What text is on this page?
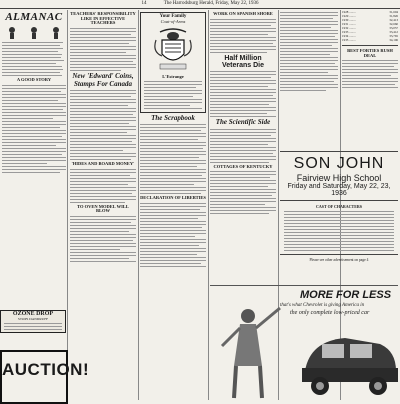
14	The Harrodsburg Herald, Friday, May 22, 1936
ALMANAC
A GOOD STORY
OZONE DROP
STOPS DANDRUFF
AUCTION!
TEACHERS' RESPONSIBILITY LIKE IN EFFECTIVE TEACHERS
New 'Edward' Coins, Stamps For Canada
'HIDES AND BOARD MONEY'
TO OVEN MODEL WILL BLOW
Your Family
Coat-of-Arms
L'Estrange
The Scrapbook
DECLARATION OF LIBERTIES
WORK ON SPANISH SHORE
Half Million Veterans Die
The Scientific Side
COTTAGES OF KENTUCKY
1928 ........	31,604
1929 ........	31,826
1930 ........	32,413
1931 ........	32,660
1932 ........	33,057
1933 ........	33,412
1934 ........	33,765
1935 ........	34,106
BEST FORTIES RUSH DEAL
SON JOHN
Fairview High School
Friday and Saturday, May 22, 23, 1936
CAST OF CHARACTERS
Please see other advertisement on page 4
MORE FOR LESS
that's what Chevrolet is giving America in
the only complete low-priced car
